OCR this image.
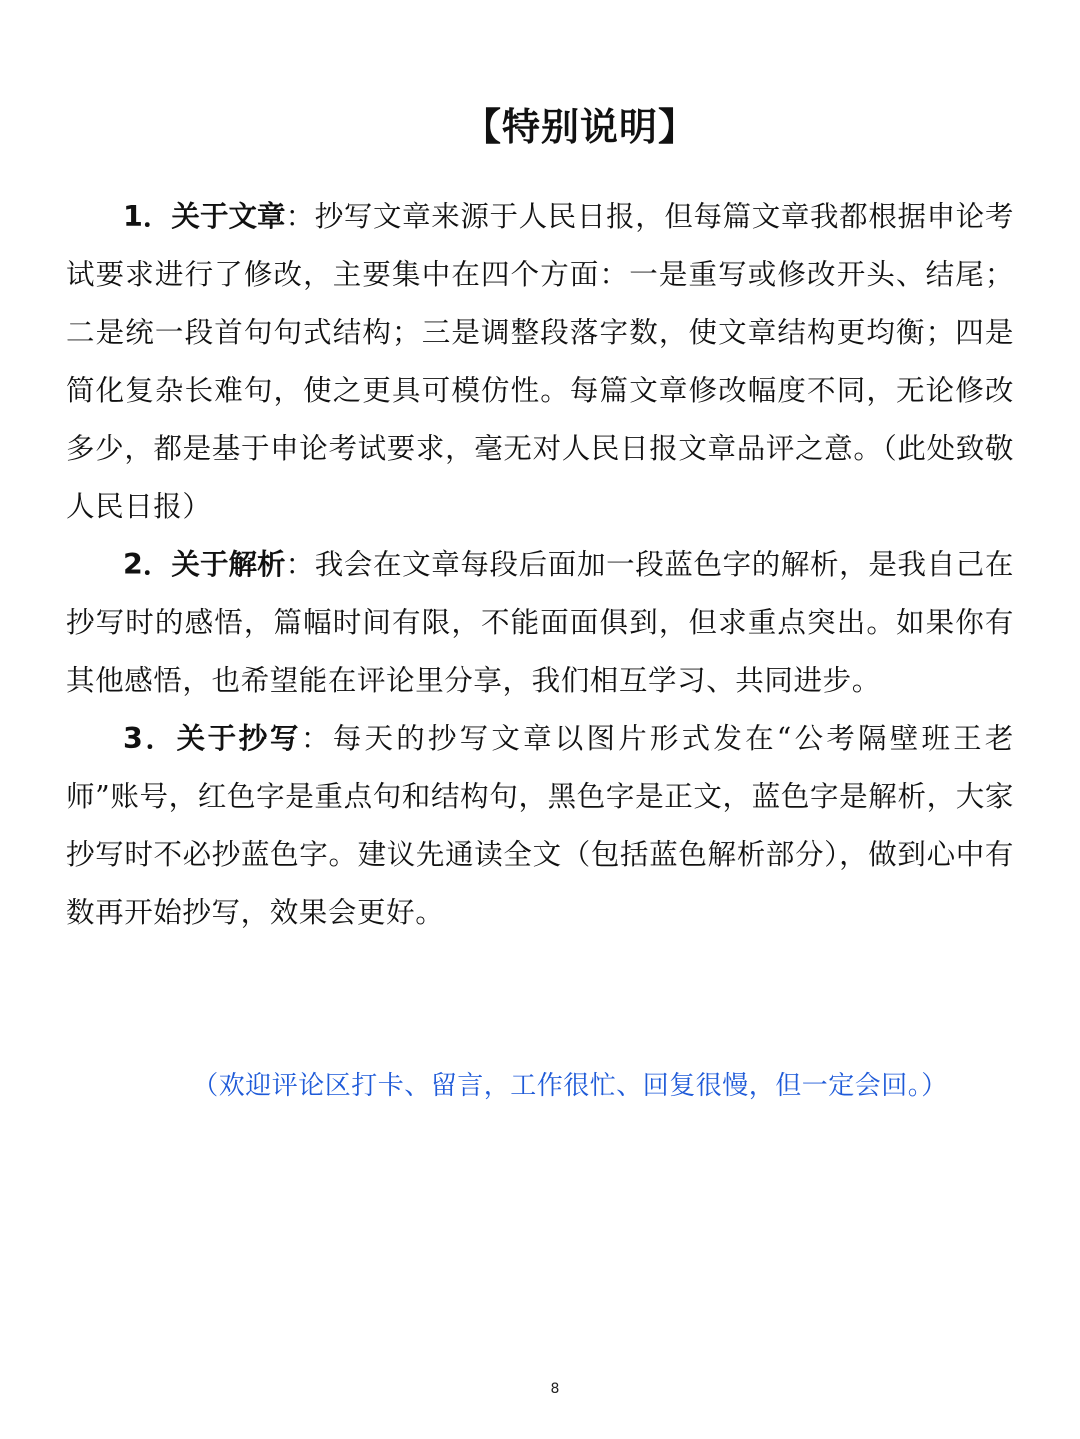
【特别说明】

1．关于文章：抄写文章来源于人民日报，但每篇文章我都根据申论考试要求进行了修改，主要集中在四个方面：一是重写或修改开头、结尾；二是统一段首句句式结构；三是调整段落字数，使文章结构更均衡；四是简化复杂长难句，使之更具可模仿性。每篇文章修改幅度不同，无论修改多少，都是基于申论考试要求，毫无对人民日报文章品评之意。（此处致敬人民日报）

2．关于解析：我会在文章每段后面加一段蓝色字的解析，是我自己在抄写时的感悟，篇幅时间有限，不能面面俱到，但求重点突出。如果你有其他感悟，也希望能在评论里分享，我们相互学习、共同进步。

3．关于抄写：每天的抄写文章以图片形式发在“公考隔壁班王老师”账号，红色字是重点句和结构句，黑色字是正文，蓝色字是解析，大家抄写时不必抄蓝色字。建议先通读全文（包括蓝色解析部分），做到心中有数再开始抄写，效果会更好。

（欢迎评论区打卡、留言，工作很忙、回复很慢，但一定会回。）
8
